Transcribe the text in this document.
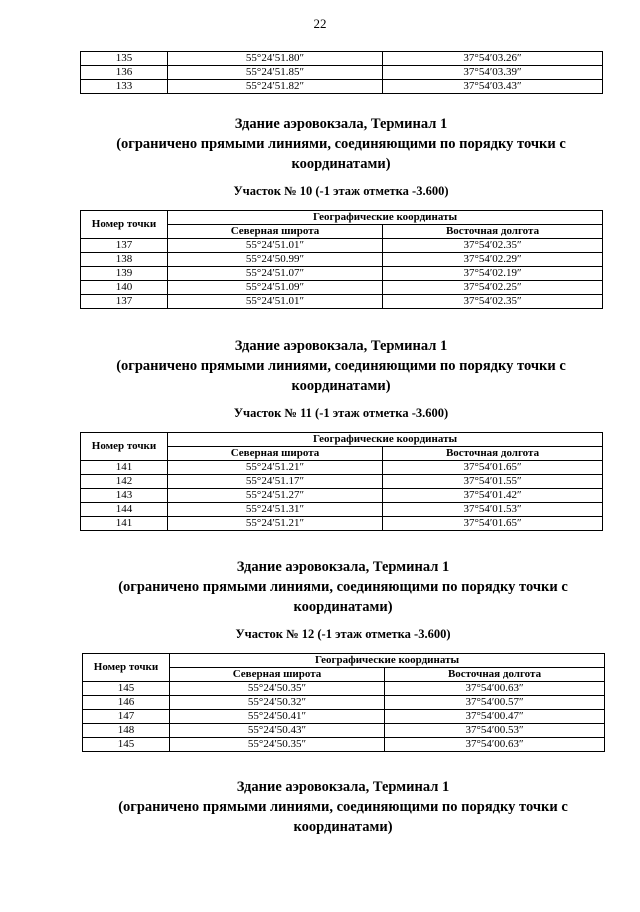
22
135	55°24′51.80″	37°54′03.26″
136	55°24′51.85″	37°54′03.39″
133	55°24′51.82″	37°54′03.43″
Здание аэровокзала, Терминал 1
(ограничено прямыми линиями, соединяющими по порядку точки с
координатами)
Участок № 10 (-1 этаж отметка -3.600)
Номер точки	Географические координаты	
	Северная широта	Восточная долгота
137	55°24′51.01″	37°54′02.35″
138	55°24′50.99″	37°54′02.29″
139	55°24′51.07″	37°54′02.19″
140	55°24′51.09″	37°54′02.25″
137	55°24′51.01″	37°54′02.35″
Здание аэровокзала, Терминал 1
(ограничено прямыми линиями, соединяющими по порядку точки с
координатами)
Участок № 11 (-1 этаж отметка -3.600)
Номер точки	Географические координаты	
	Северная широта	Восточная долгота
141	55°24′51.21″	37°54′01.65″
142	55°24′51.17″	37°54′01.55″
143	55°24′51.27″	37°54′01.42″
144	55°24′51.31″	37°54′01.53″
141	55°24′51.21″	37°54′01.65″
Здание аэровокзала, Терминал 1
(ограничено прямыми линиями, соединяющими по порядку точки с
координатами)
Участок № 12 (-1 этаж отметка -3.600)
Номер точки	Географические координаты	
	Северная широта	Восточная долгота
145	55°24′50.35″	37°54′00.63″
146	55°24′50.32″	37°54′00.57″
147	55°24′50.41″	37°54′00.47″
148	55°24′50.43″	37°54′00.53″
145	55°24′50.35″	37°54′00.63″
Здание аэровокзала, Терминал 1
(ограничено прямыми линиями, соединяющими по порядку точки с
координатами)
